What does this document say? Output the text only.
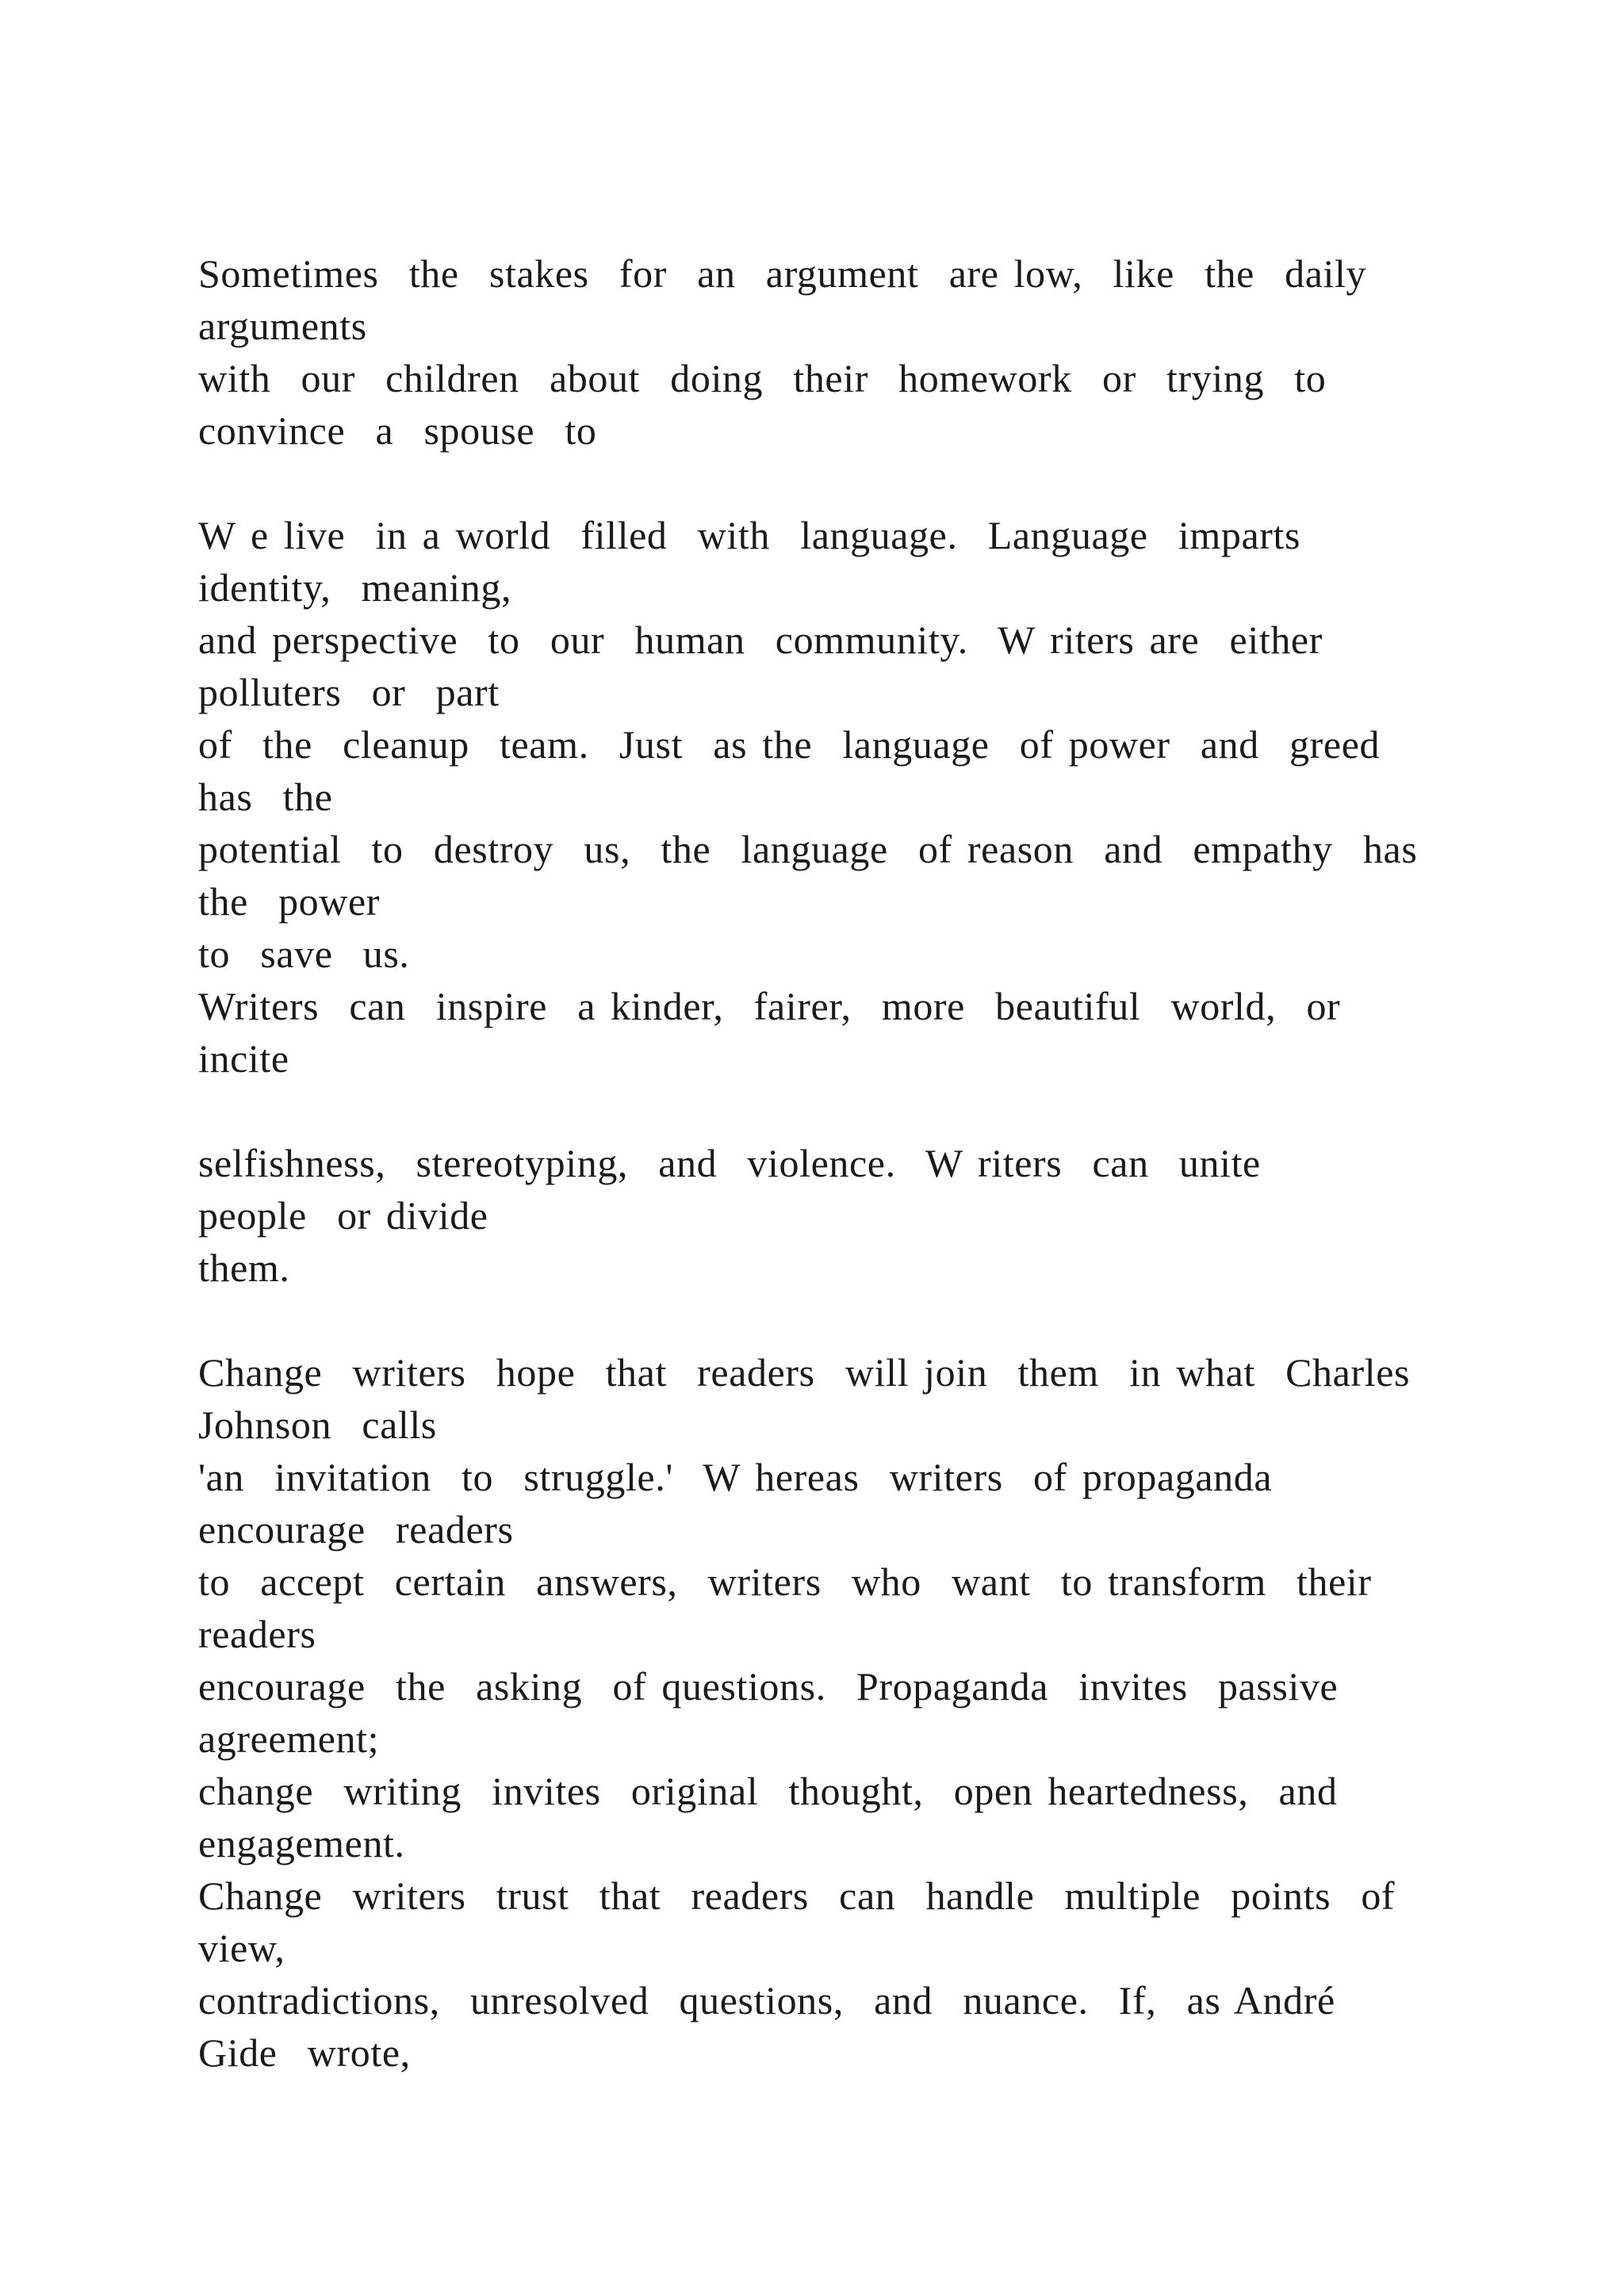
Sometimes  the  stakes  for  an  argument  are low,  like  the  daily
arguments
with  our  children  about  doing  their  homework  or  trying  to
convince  a  spouse  to
W e live  in a world  filled  with  language.  Language  imparts
identity,  meaning,
and perspective  to  our  human  community.  W riters are  either
polluters  or  part
of  the  cleanup  team.  Just  as the  language  of power  and  greed
has  the
potential  to  destroy  us,  the  language  of reason  and  empathy  has
the  power
to  save  us.
Writers  can  inspire  a kinder,  fairer,  more  beautiful  world,  or
incite
selfishness,  stereotyping,  and  violence.  W riters  can  unite
people  or divide
them.
Change  writers  hope  that  readers  will join  them  in what  Charles
Johnson  calls
'an  invitation  to  struggle.'  W hereas  writers  of propaganda
encourage  readers
to  accept  certain  answers,  writers  who  want  to transform  their
readers
encourage  the  asking  of questions.  Propaganda  invites  passive
agreement;
change  writing  invites  original  thought,  open heartedness,  and
engagement.
Change  writers  trust  that  readers  can  handle  multiple  points  of
view,
contradictions,  unresolved  questions,  and  nuance.  If,  as André
Gide  wrote,
